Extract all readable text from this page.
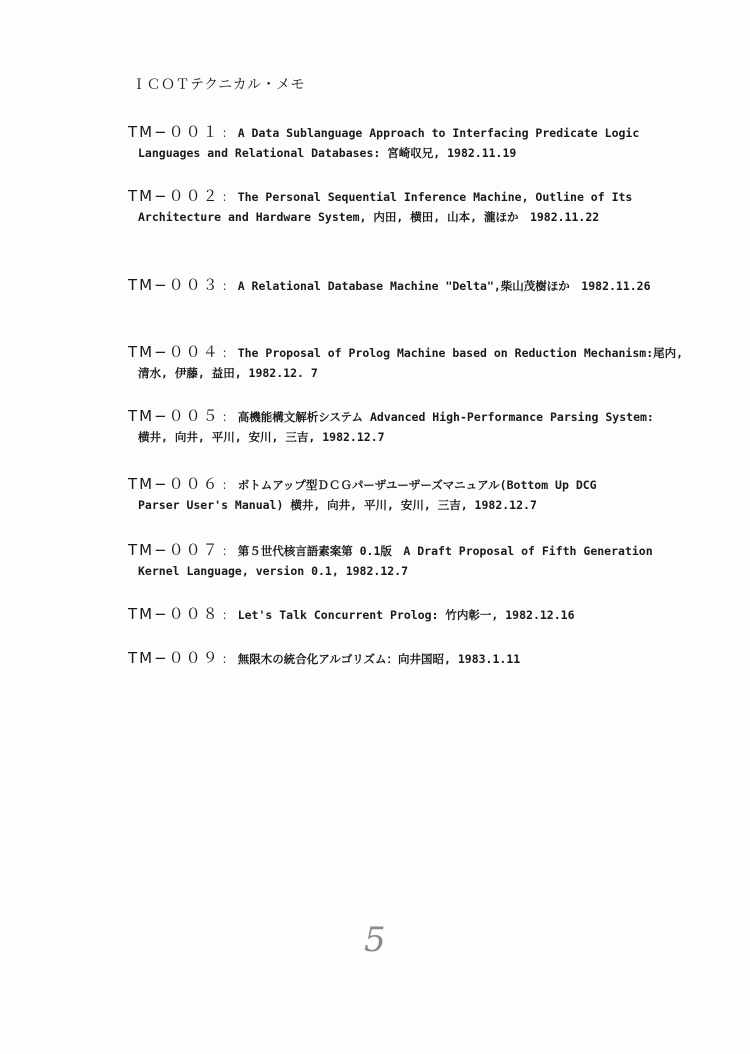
ＩＣＯＴテクニカル・メモ
TM−００１ ： A Data Sublanguage Approach to Interfacing Predicate Logic
Languages and Relational Databases: 宮崎収兄, 1982.11.19
TM−００２ ： The Personal Sequential Inference Machine, Outline of Its
Architecture and Hardware System, 内田, 横田, 山本, 瀧ほか　1982.11.22
TM−００３ ： A Relational Database Machine "Delta",柴山茂樹ほか　1982.11.26
TM−００４ ： The Proposal of Prolog Machine based on Reduction Mechanism:尾内,
清水, 伊藤, 益田, 1982.12. 7
TM−００５ ： 高機能構文解析システム Advanced High-Performance Parsing System:
横井, 向井, 平川, 安川, 三吉, 1982.12.7
TM−００６ ： ボトムアップ型ＤＣＧパーザユーザーズマニュアル(Bottom Up DCG
Parser User's Manual) 横井, 向井, 平川, 安川, 三吉, 1982.12.7
TM−００７ ： 第５世代核言語素案第 0.1版　A Draft Proposal of Fifth Generation
Kernel Language, version 0.1, 1982.12.7
TM−００８ ： Let's Talk Concurrent Prolog: 竹内彰一, 1982.12.16
TM−００９ ： 無限木の統合化アルゴリズム：向井国昭, 1983.1.11
5
